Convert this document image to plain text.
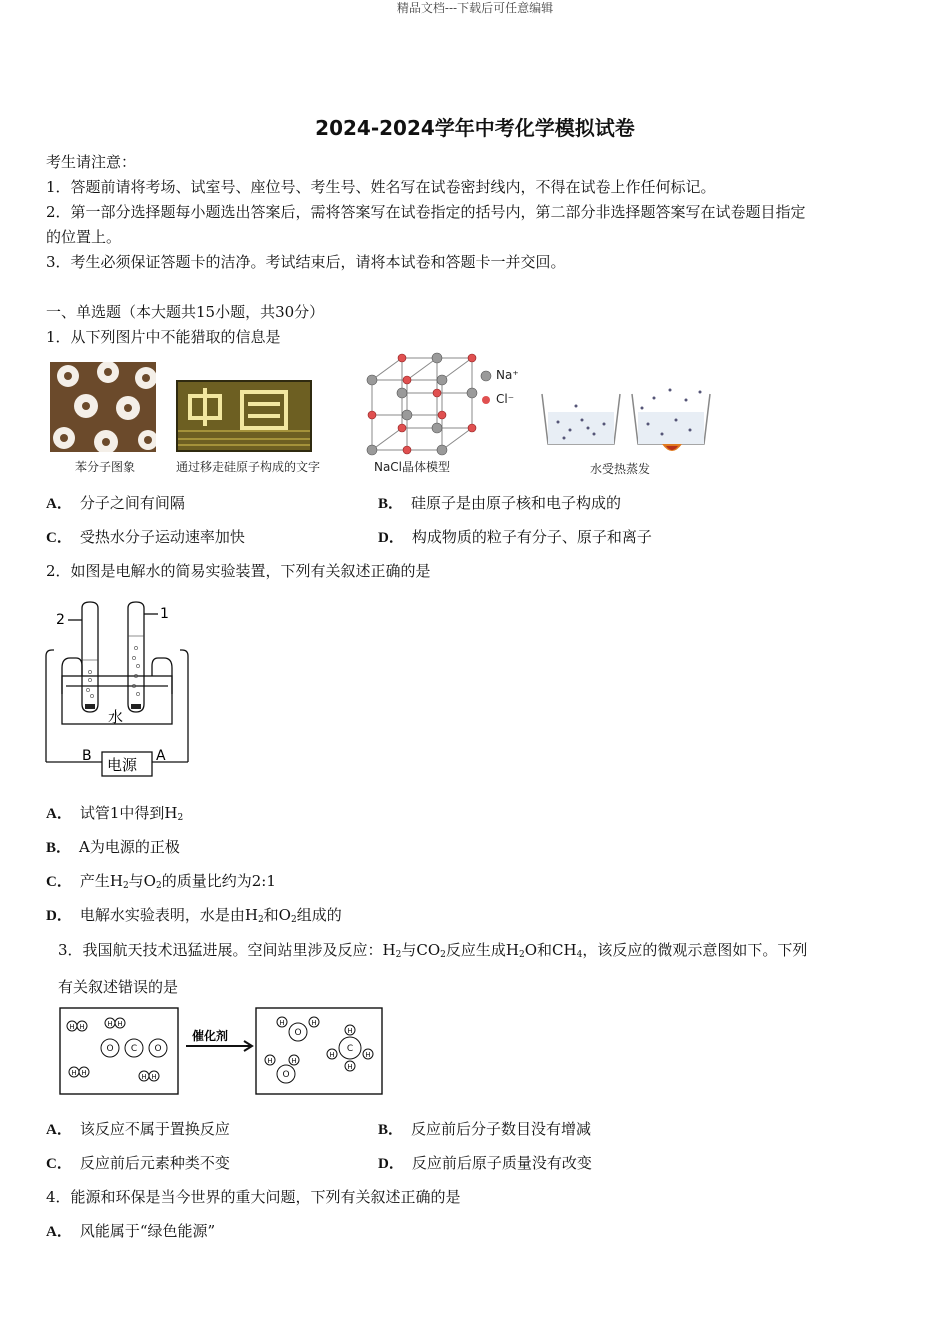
精品文档---下载后可任意编辑
2024-2024学年中考化学模拟试卷
考生请注意：
1．答题前请将考场、试室号、座位号、考生号、姓名写在试卷密封线内，不得在试卷上作任何标记。
2．第一部分选择题每小题选出答案后，需将答案写在试卷指定的括号内，第二部分非选择题答案写在试卷题目指定
的位置上。
3．考生必须保证答题卡的洁净。考试结束后，请将本试卷和答题卡一并交回。
一、单选题（本大题共15小题，共30分）
1．从下列图片中不能猎取的信息是
苯分子图象	通过移走硅原子构成的文字
Na⁺
Cl⁻
NaCl晶体模型	水受热蒸发
A． 分子之间有间隔	B． 硅原子是由原子核和电子构成的
C． 受热水分子运动速率加快	D． 构成物质的粒子有分子、原子和离子
2．如图是电解水的简易实验装置，下列有关叙述正确的是
2	1
水
B	A
电源
A． 试管1中得到$H_2$
B． A为电源的正极
C． 产生$H_2$与$O_2$的质量比约为2:1
D． 电解水实验表明，水是由$H_2$和$O_2$组成的
3．我国航天技术迅猛进展。空间站里涉及反应：$H_2$与$CO_2$反应生成$H_2O$和$CH_4$，该反应的微观示意图如下。下列
有关叙述错误的是
催化剂
H H	H H
H H	H H
H	H
H	H
H
H
H	H
O C O
O
O
C
A． 该反应不属于置换反应	B． 反应前后分子数目没有增减
C． 反应前后元素种类不变	D． 反应前后原子质量没有改变
4．能源和环保是当今世界的重大问题，下列有关叙述正确的是
A． 风能属于“绿色能源”
